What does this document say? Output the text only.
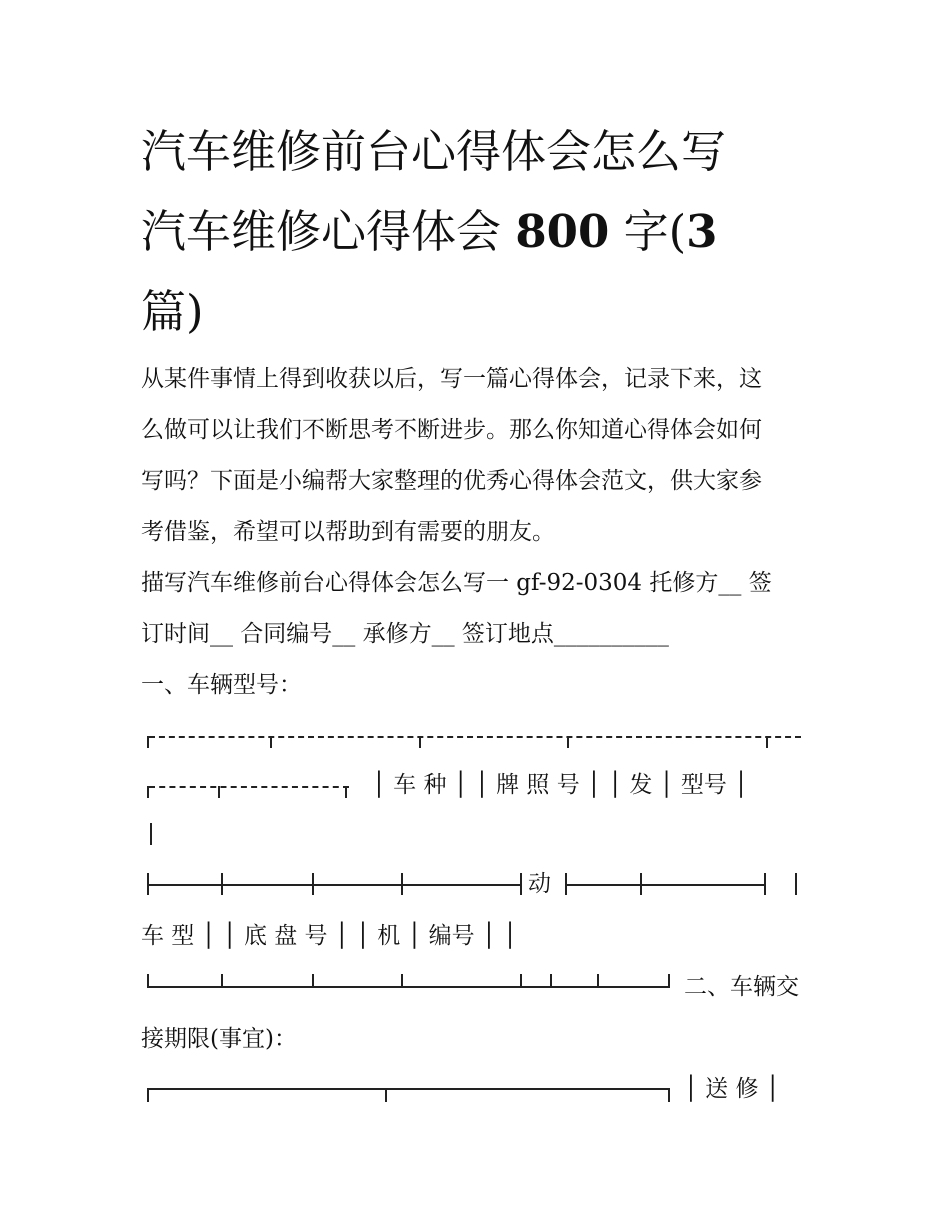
汽车维修前台心得体会怎么写
汽车维修心得体会 800 字(3
篇)

从某件事情上得到收获以后，写一篇心得体会，记录下来，这

么做可以让我们不断思考不断进步。那么你知道心得体会如何

写吗？下面是小编帮大家整理的优秀心得体会范文，供大家参

考借鉴，希望可以帮助到有需要的朋友。

描写汽车维修前台心得体会怎么写一 gf-92-0304 托修方__ 签

订时间__ 合同编号__ 承修方__ 签订地点__________

一、车辆型号：

│ 车 种 │ │ 牌 照 号 │ │ 发 │ 型号 │
动
车 型 │ │ 底 盘 号 │ │ 机 │ 编号 │ │
二、车辆交

接期限(事宜)：

│ 送 修 │
